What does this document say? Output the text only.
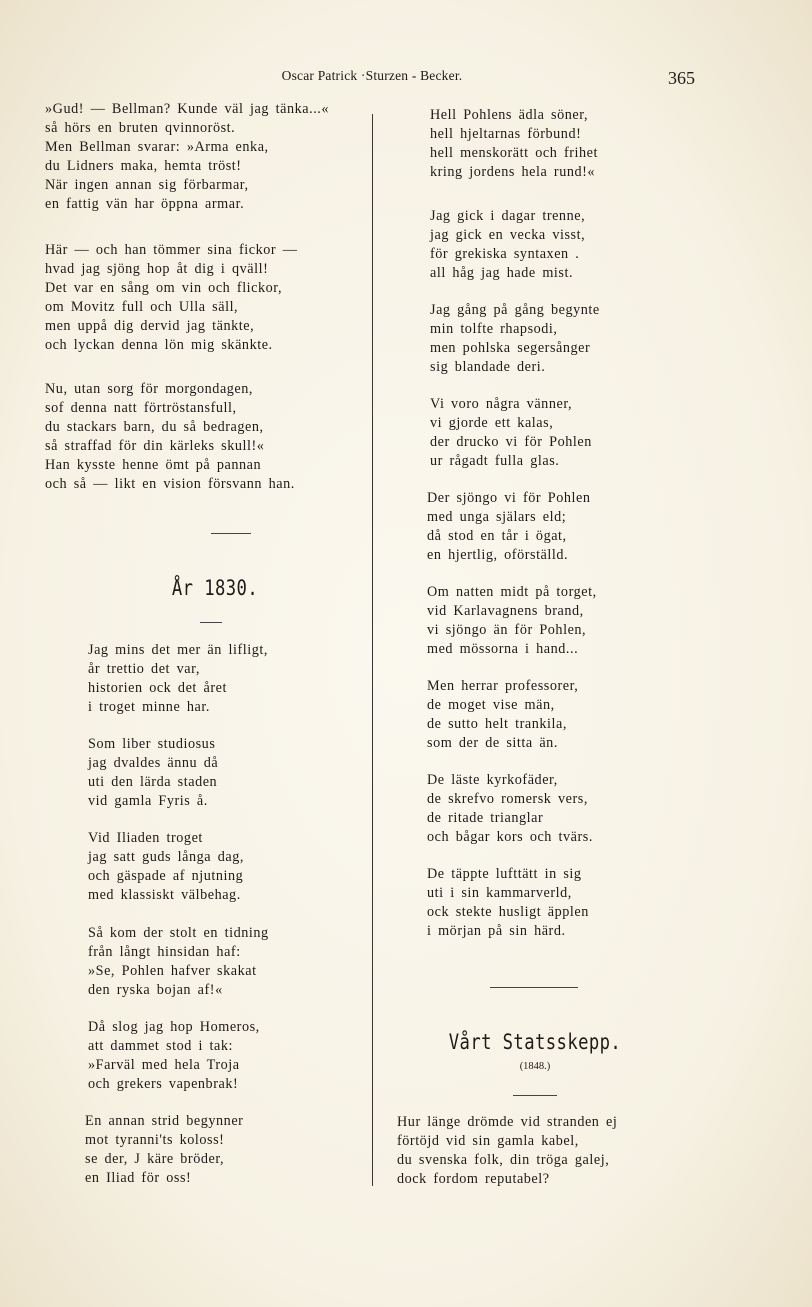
Oscar Patrick ·Sturzen - Becker.	365
»Gud! — Bellman? Kunde väl jag tänka...«
så hörs en bruten qvinnoröst.
Men Bellman svarar: »Arma enka,
du Lidners maka, hemta tröst!
När ingen annan sig förbarmar,
en fattig vän har öppna armar.
Här — och han tömmer sina fickor —
hvad jag sjöng hop åt dig i qväll!
Det var en sång om vin och flickor,
om Movitz full och Ulla säll,
men uppå dig dervid jag tänkte,
och lyckan denna lön mig skänkte.
Nu, utan sorg för morgondagen,
sof denna natt förtröstansfull,
du stackars barn, du så bedragen,
så straffad för din kärleks skull!«
Han kysste henne ömt på pannan
och så — likt en vision försvann han.
År 1830.
Jag mins det mer än lifligt,
år trettio det var,
historien ock det året
i troget minne har.
Som liber studiosus
jag dvaldes ännu då
uti den lärda staden
vid gamla Fyris å.
Vid Iliaden troget
jag satt guds långa dag,
och gäspade af njutning
med klassiskt välbehag.
Så kom der stolt en tidning
från långt hinsidan haf:
»Se, Pohlen hafver skakat
den ryska bojan af!«
Då slog jag hop Homeros,
att dammet stod i tak:
»Farväl med hela Troja
och grekers vapenbrak!
En annan strid begynner
mot tyranni'ts koloss!
se der, J käre bröder,
en Iliad för oss!
Hell Pohlens ädla söner,
hell hjeltarnas förbund!
hell menskorätt och frihet
kring jordens hela rund!«
Jag gick i dagar trenne,
jag gick en vecka visst,
för grekiska syntaxen .
all håg jag hade mist.
Jag gång på gång begynte
min tolfte rhapsodi,
men pohlska segersånger
sig blandade deri.
Vi voro några vänner,
vi gjorde ett kalas,
der drucko vi för Pohlen
ur rågadt fulla glas.
Der sjöngo vi för Pohlen
med unga själars eld;
då stod en tår i ögat,
en hjertlig, oförställd.
Om natten midt på torget,
vid Karlavagnens brand,
vi sjöngo än för Pohlen,
med mössorna i hand...
Men herrar professorer,
de moget vise män,
de sutto helt trankila,
som der de sitta än.
De läste kyrkofäder,
de skrefvo romersk vers,
de ritade trianglar
och bågar kors och tvärs.
De täppte lufttätt in sig
uti i sin kammarverld,
ock stekte husligt äpplen
i mörjan på sin härd.
Vårt Statsskepp.
(1848.)
Hur länge drömde vid stranden ej
förtöjd vid sin gamla kabel,
du svenska folk, din tröga galej,
dock fordom reputabel?
